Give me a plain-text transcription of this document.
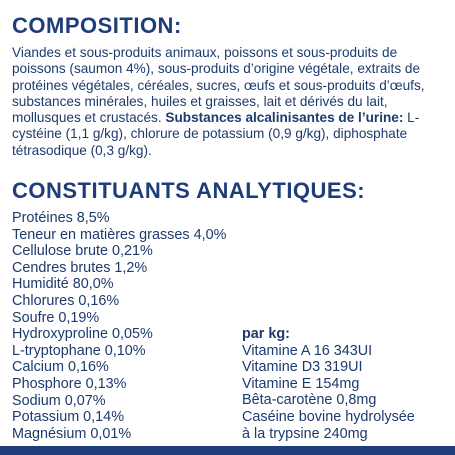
COMPOSITION:
Viandes et sous-produits animaux, poissons et sous-produits de poissons (saumon 4%), sous-produits d’origine végétale, extraits de protéines végétales, céréales, sucres, œufs et sous-produits d’œufs, substances minérales, huiles et graisses, lait et dérivés du lait, mollusques et crustacés. Substances alcalinisantes de l’urine: L-cystéine (1,1 g/kg), chlorure de potassium (0,9 g/kg), diphosphate tétrasodique (0,3 g/kg).
CONSTITUANTS ANALYTIQUES:
Protéines 8,5%
Teneur en matières grasses 4,0%
Cellulose brute 0,21%
Cendres brutes 1,2%
Humidité 80,0%
Chlorures 0,16%
Soufre 0,19%
Hydroxyproline 0,05%
L-tryptophane 0,10%
Calcium 0,16%
Phosphore 0,13%
Sodium 0,07%
Potassium 0,14%
Magnésium 0,01%
par kg:
Vitamine A 16 343UI
Vitamine D3 319UI
Vitamine E 154mg
Bêta-carotène 0,8mg
Caséine bovine hydrolysée
à la trypsine 240mg
